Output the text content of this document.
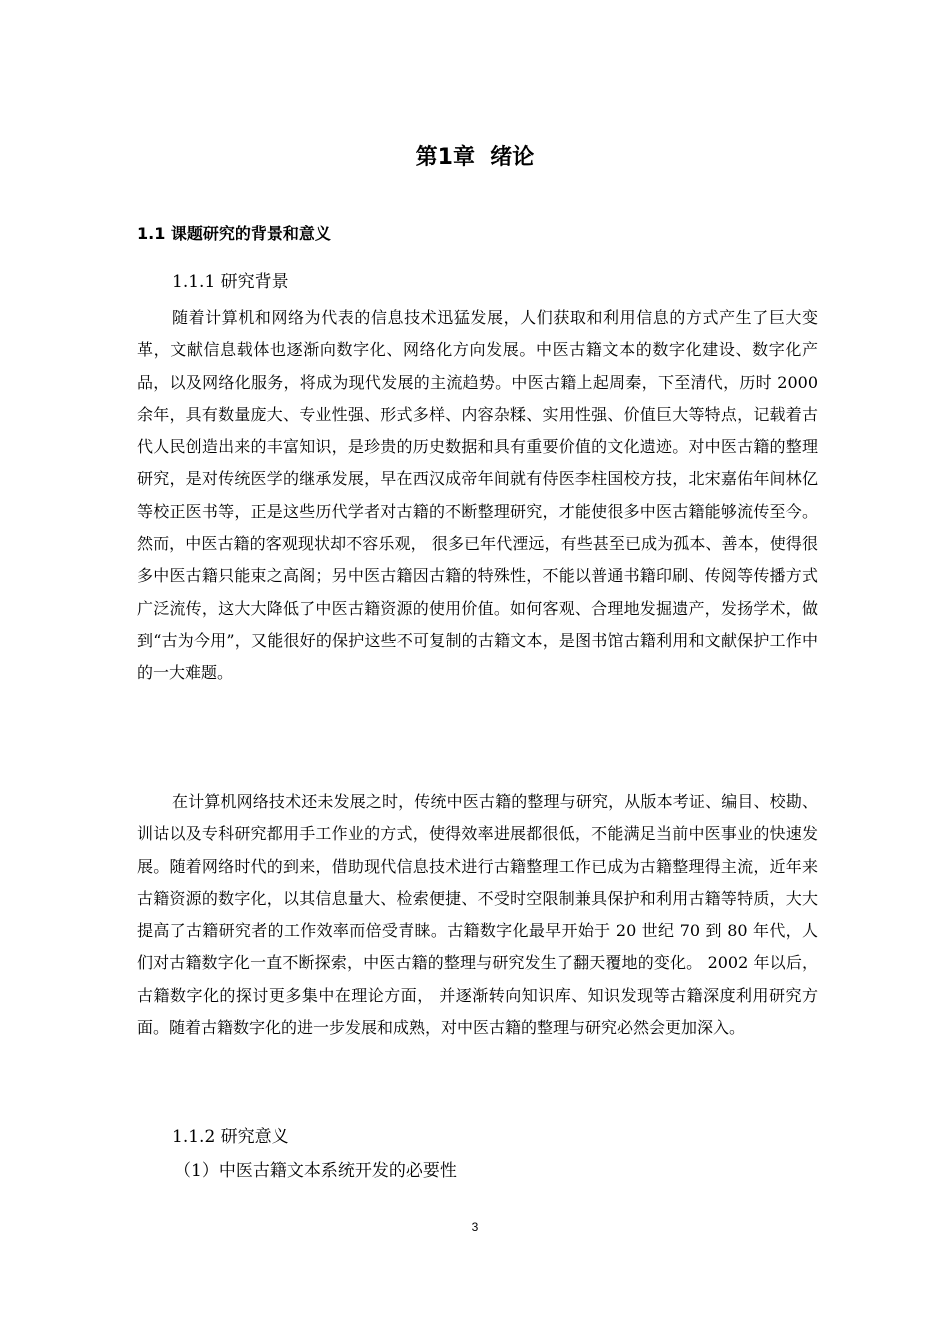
第1章  绪论
1.1 课题研究的背景和意义
1.1.1 研究背景

随着计算机和网络为代表的信息技术迅猛发展，人们获取和利用信息的方式产生了巨大变革，文献信息载体也逐渐向数字化、网络化方向发展。中医古籍文本的数字化建设、数字化产品，以及网络化服务，将成为现代发展的主流趋势。中医古籍上起周秦，下至清代，历时 2000 余年，具有数量庞大、专业性强、形式多样、内容杂糅、实用性强、价值巨大等特点，记载着古代人民创造出来的丰富知识，是珍贵的历史数据和具有重要价值的文化遗迹。对中医古籍的整理研究，是对传统医学的继承发展，早在西汉成帝年间就有侍医李柱国校方技，北宋嘉佑年间林亿等校正医书等，正是这些历代学者对古籍的不断整理研究，才能使很多中医古籍能够流传至今。然而，中医古籍的客观现状却不容乐观， 很多已年代湮远，有些甚至已成为孤本、善本，使得很多中医古籍只能束之高阁；另中医古籍因古籍的特殊性，不能以普通书籍印刷、传阅等传播方式广泛流传，这大大降低了中医古籍资源的使用价值。如何客观、合理地发掘遗产，发扬学术，做到“古为今用”，又能很好的保护这些不可复制的古籍文本，是图书馆古籍利用和文献保护工作中的一大难题。

在计算机网络技术还未发展之时，传统中医古籍的整理与研究，从版本考证、编目、校勘、训诂以及专科研究都用手工作业的方式，使得效率进展都很低，不能满足当前中医事业的快速发展。随着网络时代的到来，借助现代信息技术进行古籍整理工作已成为古籍整理得主流，近年来古籍资源的数字化，以其信息量大、检索便捷、不受时空限制兼具保护和利用古籍等特质，大大提高了古籍研究者的工作效率而倍受青睐。古籍数字化最早开始于 20 世纪 70 到 80 年代，人们对古籍数字化一直不断探索，中医古籍的整理与研究发生了翻天覆地的变化。 2002 年以后，古籍数字化的探讨更多集中在理论方面， 并逐渐转向知识库、知识发现等古籍深度利用研究方面。随着古籍数字化的进一步发展和成熟，对中医古籍的整理与研究必然会更加深入。

1.1.2 研究意义
（1）中医古籍文本系统开发的必要性
3
